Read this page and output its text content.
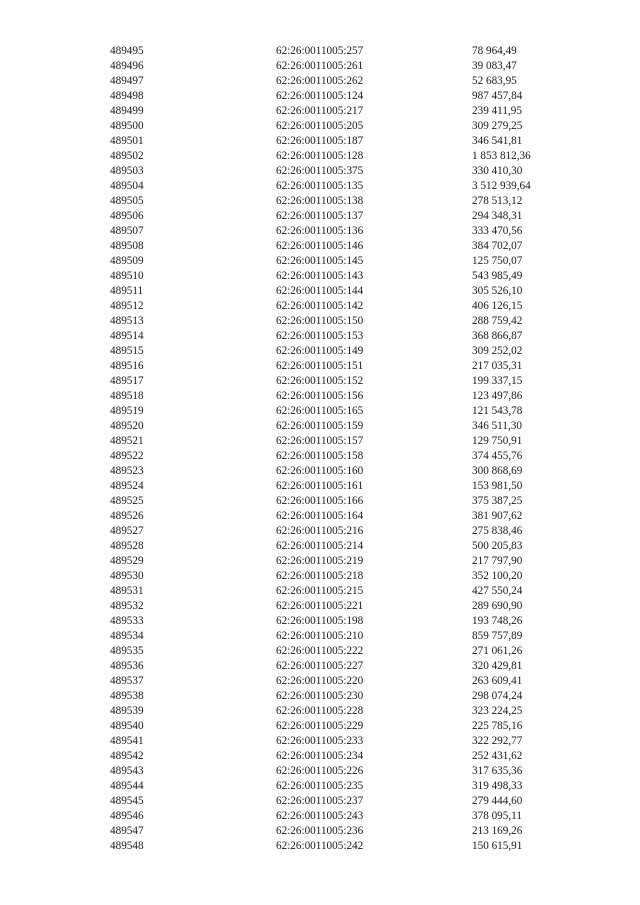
489495	62:26:0011005:257	78 964,49
489496	62:26:0011005:261	39 083,47
489497	62:26:0011005:262	52 683,95
489498	62:26:0011005:124	987 457,84
489499	62:26:0011005:217	239 411,95
489500	62:26:0011005:205	309 279,25
489501	62:26:0011005:187	346 541,81
489502	62:26:0011005:128	1 853 812,36
489503	62:26:0011005:375	330 410,30
489504	62:26:0011005:135	3 512 939,64
489505	62:26:0011005:138	278 513,12
489506	62:26:0011005:137	294 348,31
489507	62:26:0011005:136	333 470,56
489508	62:26:0011005:146	384 702,07
489509	62:26:0011005:145	125 750,07
489510	62:26:0011005:143	543 985,49
489511	62:26:0011005:144	305 526,10
489512	62:26:0011005:142	406 126,15
489513	62:26:0011005:150	288 759,42
489514	62:26:0011005:153	368 866,87
489515	62:26:0011005:149	309 252,02
489516	62:26:0011005:151	217 035,31
489517	62:26:0011005:152	199 337,15
489518	62:26:0011005:156	123 497,86
489519	62:26:0011005:165	121 543,78
489520	62:26:0011005:159	346 511,30
489521	62:26:0011005:157	129 750,91
489522	62:26:0011005:158	374 455,76
489523	62:26:0011005:160	300 868,69
489524	62:26:0011005:161	153 981,50
489525	62:26:0011005:166	375 387,25
489526	62:26:0011005:164	381 907,62
489527	62:26:0011005:216	275 838,46
489528	62:26:0011005:214	500 205,83
489529	62:26:0011005:219	217 797,90
489530	62:26:0011005:218	352 100,20
489531	62:26:0011005:215	427 550,24
489532	62:26:0011005:221	289 690,90
489533	62:26:0011005:198	193 748,26
489534	62:26:0011005:210	859 757,89
489535	62:26:0011005:222	271 061,26
489536	62:26:0011005:227	320 429,81
489537	62:26:0011005:220	263 609,41
489538	62:26:0011005:230	298 074,24
489539	62:26:0011005:228	323 224,25
489540	62:26:0011005:229	225 785,16
489541	62:26:0011005:233	322 292,77
489542	62:26:0011005:234	252 431,62
489543	62:26:0011005:226	317 635,36
489544	62:26:0011005:235	319 498,33
489545	62:26:0011005:237	279 444,60
489546	62:26:0011005:243	378 095,11
489547	62:26:0011005:236	213 169,26
489548	62:26:0011005:242	150 615,91
